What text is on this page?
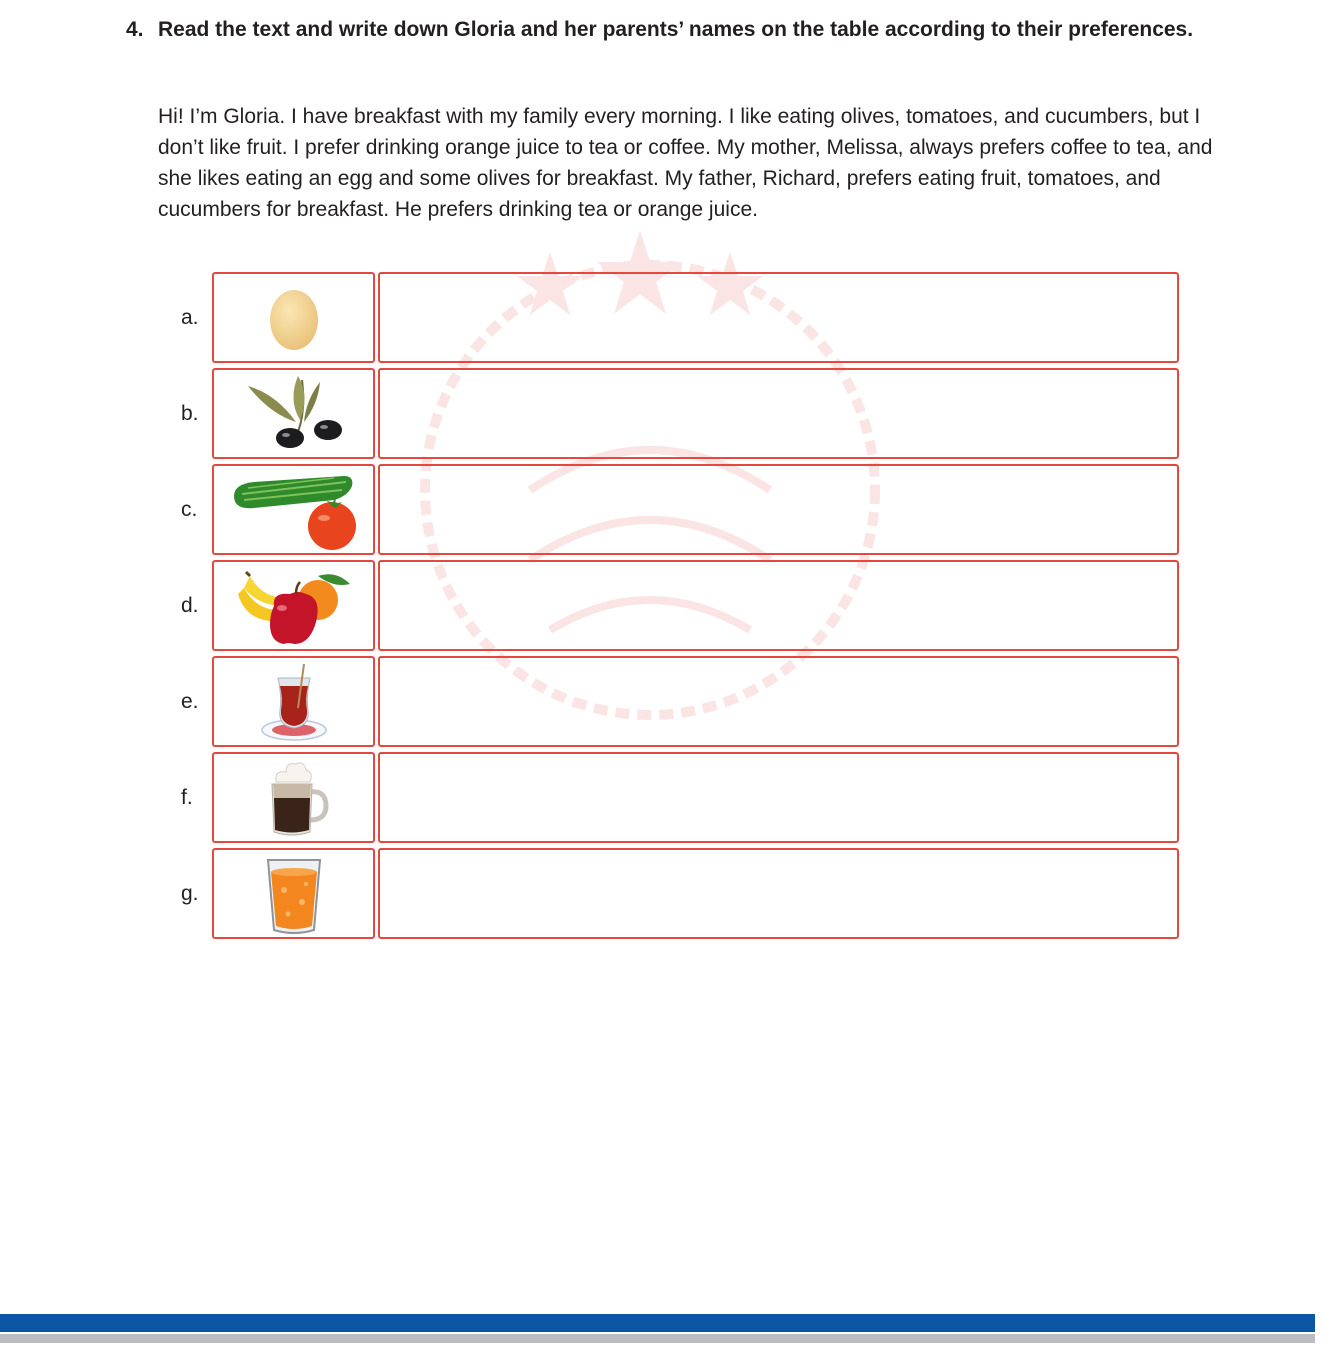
4. Read the text and write down Gloria and her parents’ names on the table according to their preferences.
Hi! I’m Gloria. I have breakfast with my family every morning. I like eating olives, tomatoes, and cucumbers, but I don’t like fruit. I prefer drinking orange juice to tea or coffee. My mother, Melissa, always prefers coffee to tea, and she likes eating an egg and some olives for breakfast. My father, Richard, prefers eating fruit, tomatoes, and cucumbers for breakfast. He prefers drinking tea or orange juice.
a.
b.
c.
d.
e.
f.
g.
